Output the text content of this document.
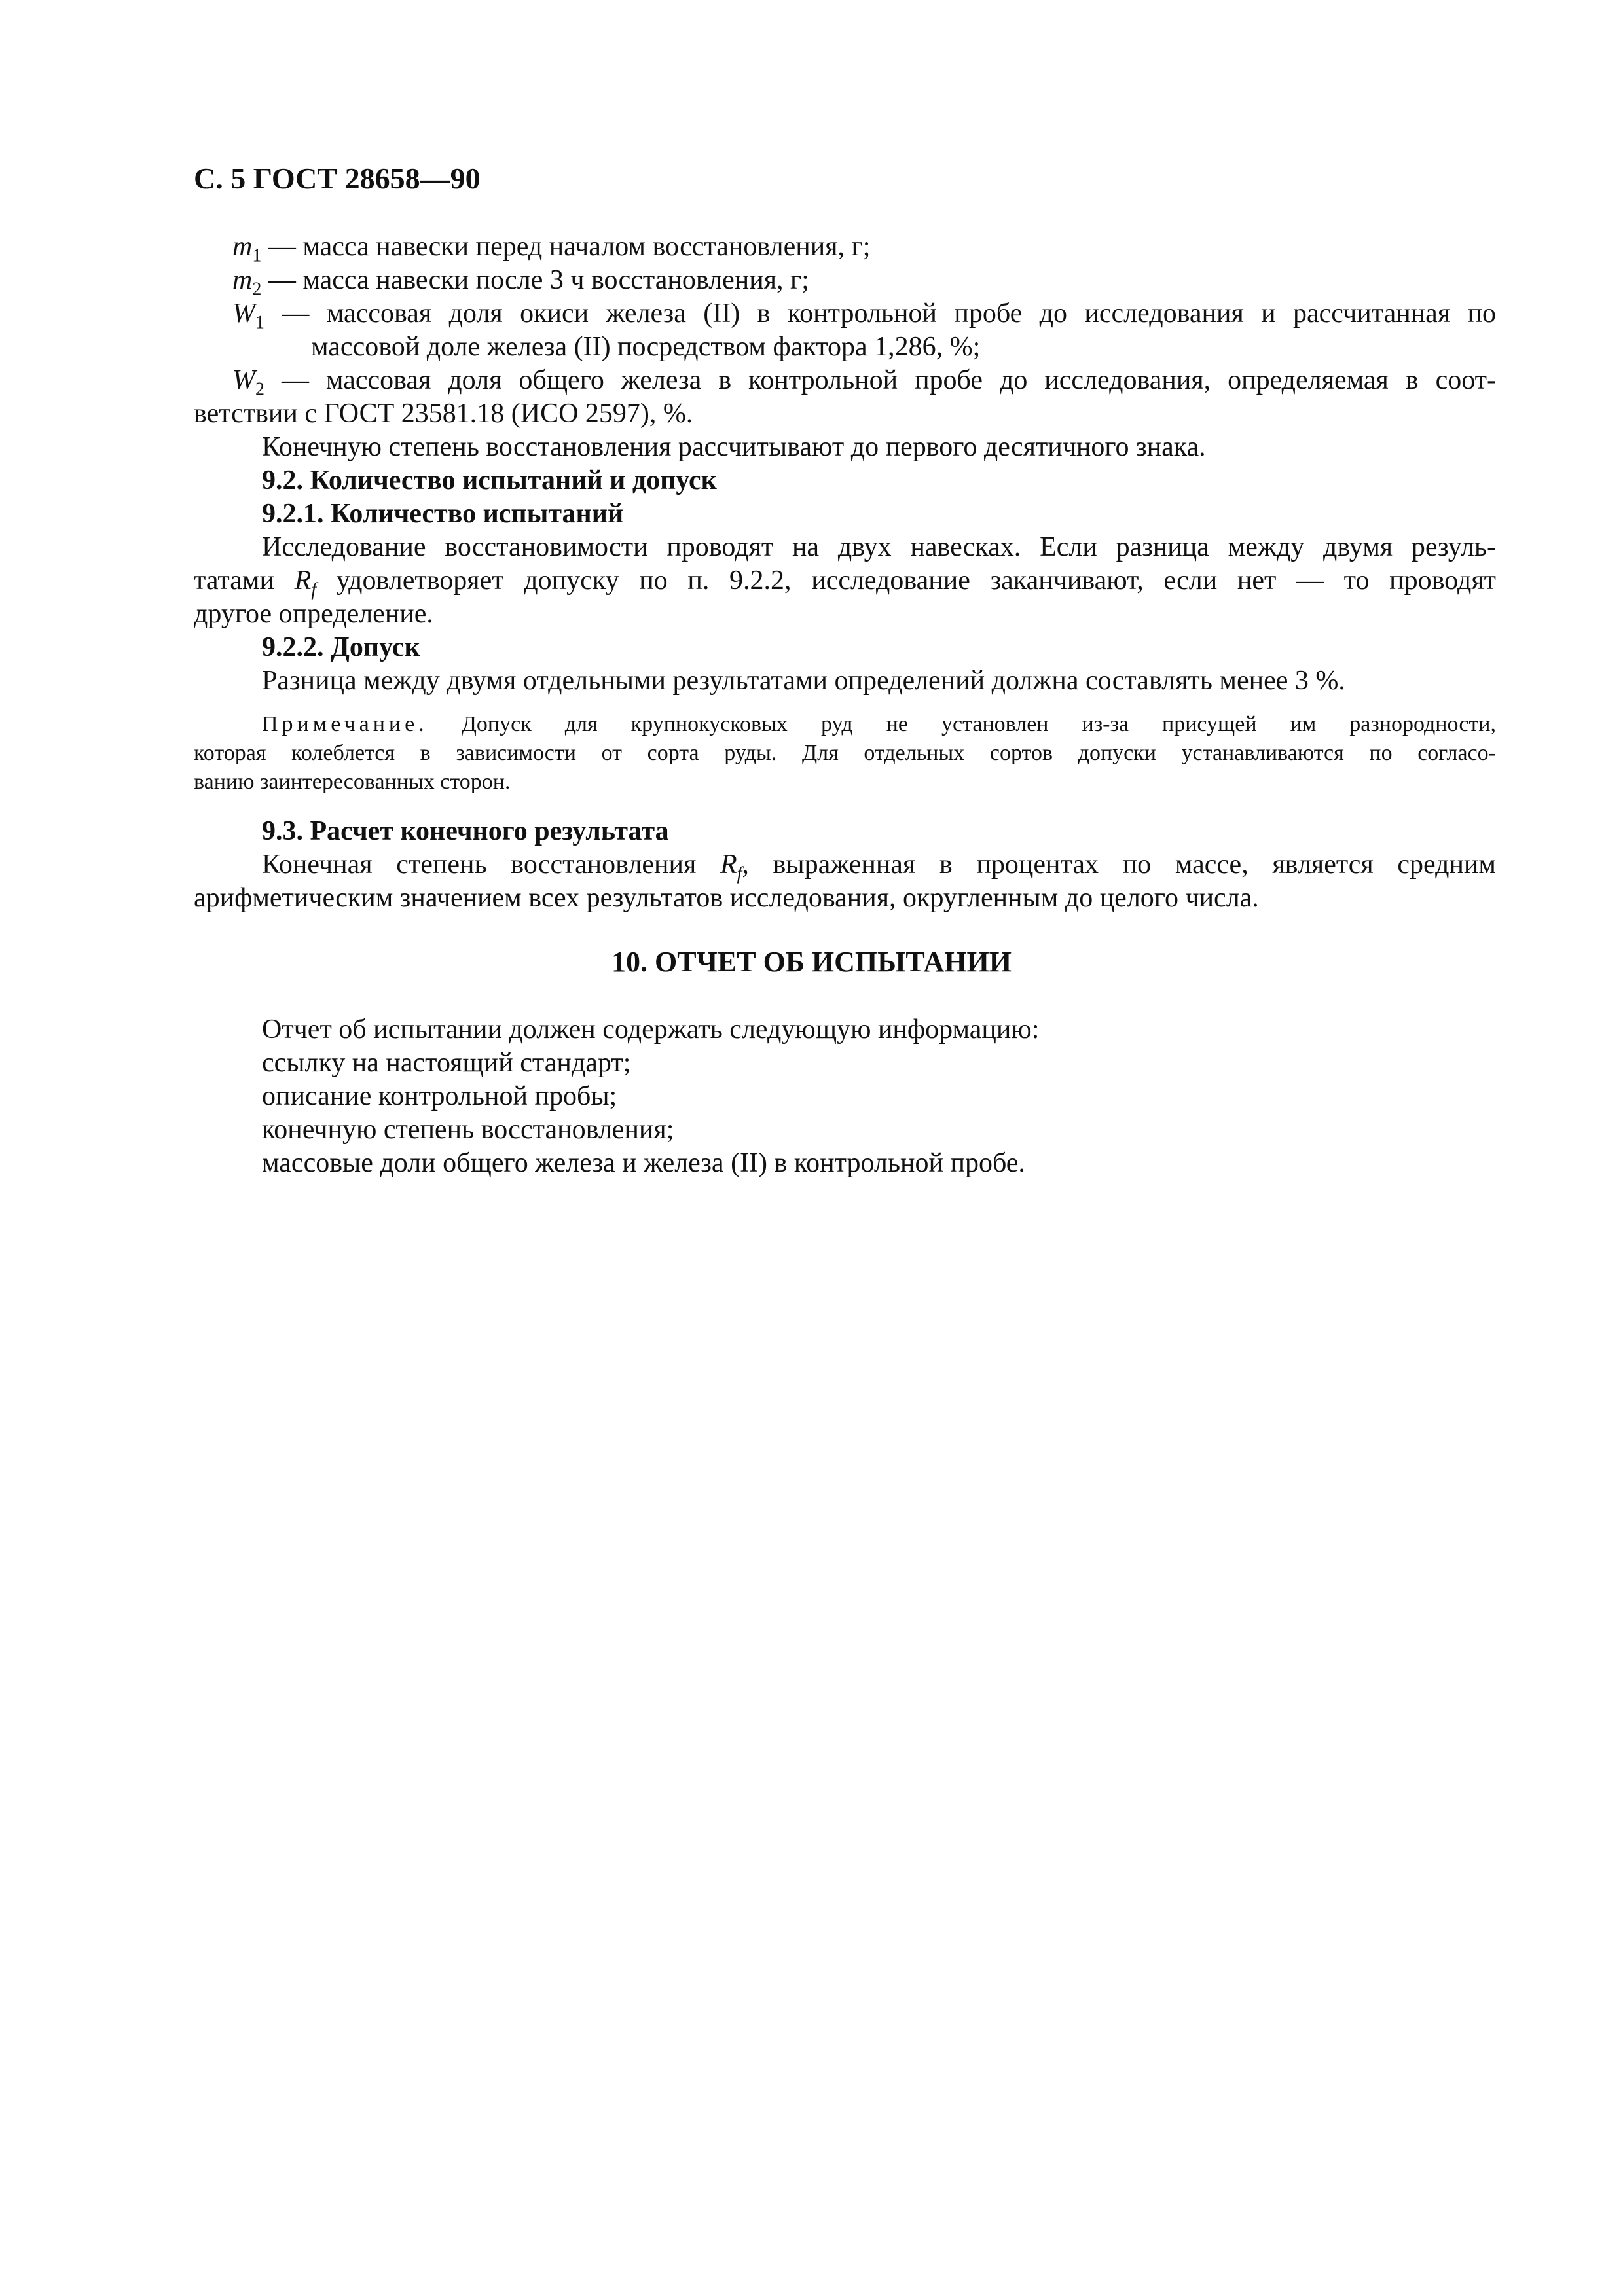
С. 5 ГОСТ 28658—90
$m_1$ — масса навески перед началом восстановления, г;
$m_2$ — масса навески после 3 ч восстановления, г;
$W_1$ — массовая доля окиси железа (II) в контрольной пробе до исследования и рассчитанная по
массовой доле железа (II) посредством фактора 1,286, %;
$W_2$ — массовая доля общего железа в контрольной пробе до исследования, определяемая в соот-
ветствии с ГОСТ 23581.18 (ИСО 2597), %.
Конечную степень восстановления рассчитывают до первого десятичного знака.
9.2. Количество испытаний и допуск
9.2.1. Количество испытаний
Исследование восстановимости проводят на двух навесках. Если разница между двумя резуль-
татами $R_f$ удовлетворяет допуску по п. 9.2.2, исследование заканчивают, если нет — то проводят
другое определение.
9.2.2. Допуск
Разница между двумя отдельными результатами определений должна составлять менее 3 %.
Примечание. Допуск для крупнокусковых руд не установлен из-за присущей им разнородности,
которая колеблется в зависимости от сорта руды. Для отдельных сортов допуски устанавливаются по согласо-
ванию заинтересованных сторон.
9.3. Расчет конечного результата
Конечная степень восстановления $R_f$, выраженная в процентах по массе, является средним
арифметическим значением всех результатов исследования, округленным до целого числа.
10. ОТЧЕТ ОБ ИСПЫТАНИИ
Отчет об испытании должен содержать следующую информацию:
ссылку на настоящий стандарт;
описание контрольной пробы;
конечную степень восстановления;
массовые доли общего железа и железа (II) в контрольной пробе.
